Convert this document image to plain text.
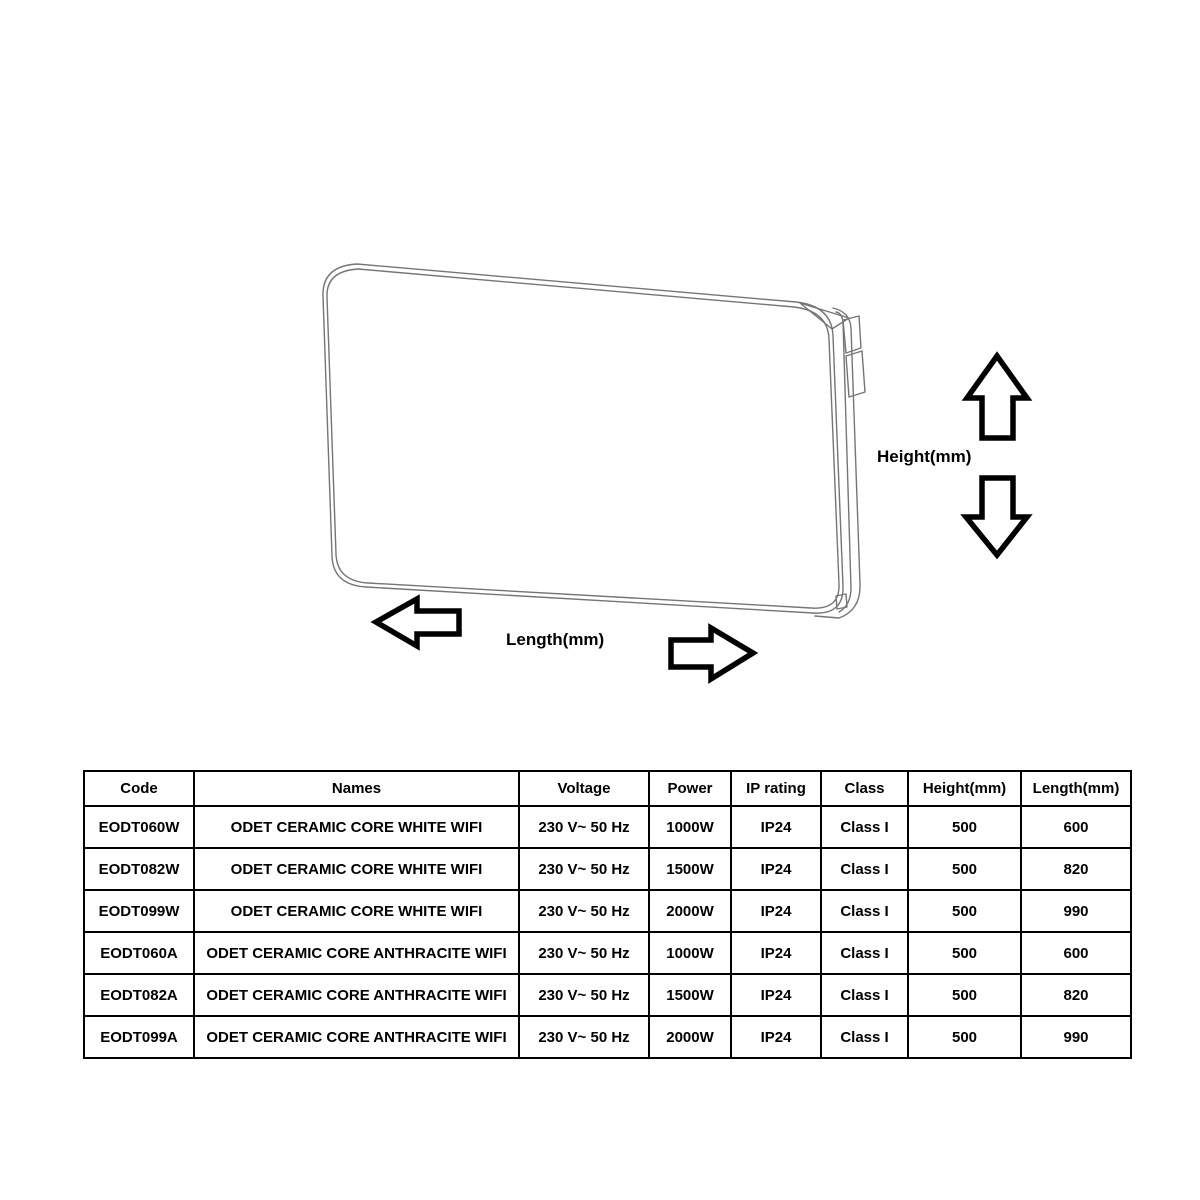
Height(mm)
Length(mm)
Code	Names	Voltage	Power	IP rating	Class	Height(mm)	Length(mm)
EODT060W	ODET CERAMIC CORE WHITE WIFI	230 V~ 50 Hz	1000W	IP24	Class I	500	600
EODT082W	ODET CERAMIC CORE WHITE WIFI	230 V~ 50 Hz	1500W	IP24	Class I	500	820
EODT099W	ODET CERAMIC CORE WHITE WIFI	230 V~ 50 Hz	2000W	IP24	Class I	500	990
EODT060A	ODET CERAMIC CORE ANTHRACITE WIFI	230 V~ 50 Hz	1000W	IP24	Class I	500	600
EODT082A	ODET CERAMIC CORE ANTHRACITE WIFI	230 V~ 50 Hz	1500W	IP24	Class I	500	820
EODT099A	ODET CERAMIC CORE ANTHRACITE WIFI	230 V~ 50 Hz	2000W	IP24	Class I	500	990
